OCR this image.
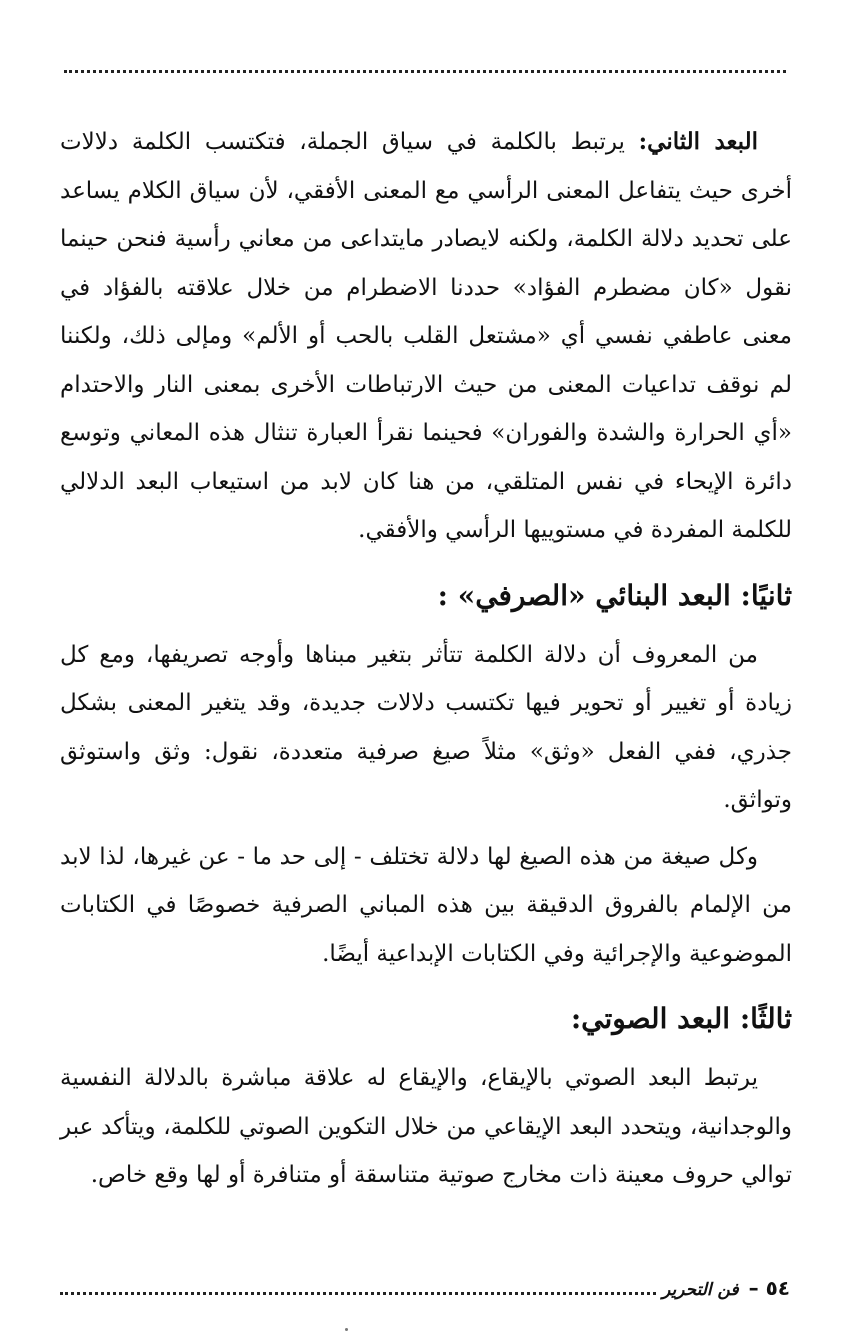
البعد الثاني: يرتبط بالكلمة في سياق الجملة، فتكتسب الكلمة دلالات أخرى حيث يتفاعل المعنى الرأسي مع المعنى الأفقي، لأن سياق الكلام يساعد على تحديد دلالة الكلمة، ولكنه لايصادر مايتداعى من معاني رأسية فنحن حينما نقول «كان مضطرم الفؤاد» حددنا الاضطرام من خلال علاقته بالفؤاد في معنى عاطفي نفسي أي «مشتعل القلب بالحب أو الألم» ومإلى ذلك، ولكننا لم نوقف تداعيات المعنى من حيث الارتباطات الأخرى بمعنى النار والاحتدام «أي الحرارة والشدة والفوران» فحينما نقرأ العبارة تنثال هذه المعاني وتوسع دائرة الإيحاء في نفس المتلقي، من هنا كان لابد من استيعاب البعد الدلالي للكلمة المفردة في مستوييها الرأسي والأفقي.

ثانيًا: البعد البنائي «الصرفي» :

من المعروف أن دلالة الكلمة تتأثر بتغير مبناها وأوجه تصريفها، ومع كل زيادة أو تغيير أو تحوير فيها تكتسب دلالات جديدة، وقد يتغير المعنى بشكل جذري، ففي الفعل «وثق» مثلاً صيغ صرفية متعددة، نقول: وثق واستوثق وتواثق.

وكل صيغة من هذه الصيغ لها دلالة تختلف - إلى حد ما - عن غيرها، لذا لابد من الإلمام بالفروق الدقيقة بين هذه المباني الصرفية خصوصًا في الكتابات الموضوعية والإجرائية وفي الكتابات الإبداعية أيضًا.

ثالثًا: البعد الصوتي:

يرتبط البعد الصوتي بالإيقاع، والإيقاع له علاقة مباشرة بالدلالة النفسية والوجدانية، ويتحدد البعد الإيقاعي من خلال التكوين الصوتي للكلمة، ويتأكد عبر توالي حروف معينة ذات مخارج صوتية متناسقة أو متنافرة أو لها وقع خاص.

٥٤ –
فن التحرير
